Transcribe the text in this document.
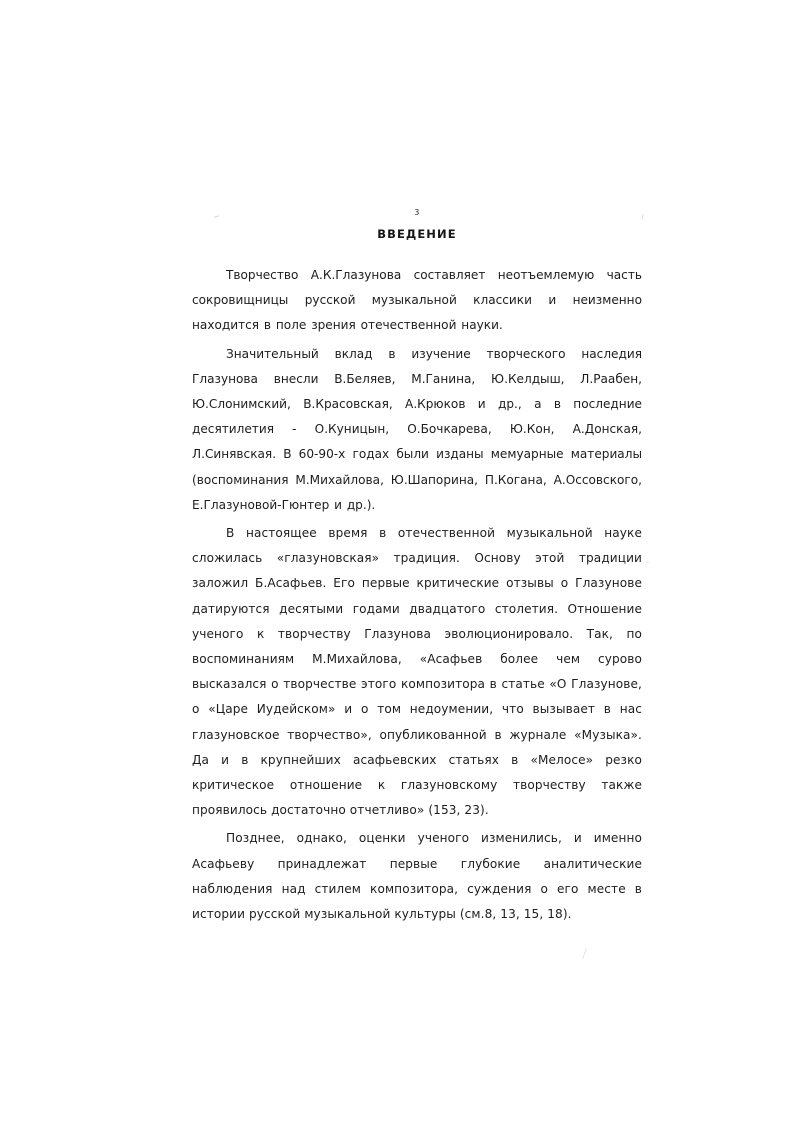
3
ВВЕДЕНИЕ

Творчество А.К.Глазунова составляет неотъемлемую часть сокровищницы русской музыкальной классики и неизменно находится в поле зрения отечественной науки.

Значительный вклад в изучение творческого наследия Глазунова внесли В.Беляев, М.Ганина, Ю.Келдыш, Л.Раабен, Ю.Слонимский, В.Красовская, А.Крюков и др., а в последние десятилетия - О.Куницын, О.Бочкарева, Ю.Кон, А.Донская, Л.Синявская. В 60-90-х годах были изданы мемуарные материалы (воспоминания М.Михайлова, Ю.Шапорина, П.Когана, А.Оссовского, Е.Глазуновой-Гюнтер и др.).

В настоящее время в отечественной музыкальной науке сложилась «глазуновская» традиция. Основу этой традиции заложил Б.Асафьев. Его первые критические отзывы о Глазунове датируются десятыми годами двадцатого столетия. Отношение ученого к творчеству Глазунова эволюционировало. Так, по воспоминаниям М.Михайлова, «Асафьев более чем сурово высказался о творчестве этого композитора в статье «О Глазунове, о «Царе Иудейском» и о том недоумении, что вызывает в нас глазуновское творчество», опубликованной в журнале «Музыка». Да и в крупнейших асафьевских статьях в «Мелосе» резко критическое отношение к глазуновскому творчеству также проявилось достаточно отчетливо» (153, 23).

Позднее, однако, оценки ученого изменились, и именно Асафьеву принадлежат первые глубокие аналитические наблюдения над стилем композитора, суждения о его месте в истории русской музыкальной культуры (см.8, 13, 15, 18).
